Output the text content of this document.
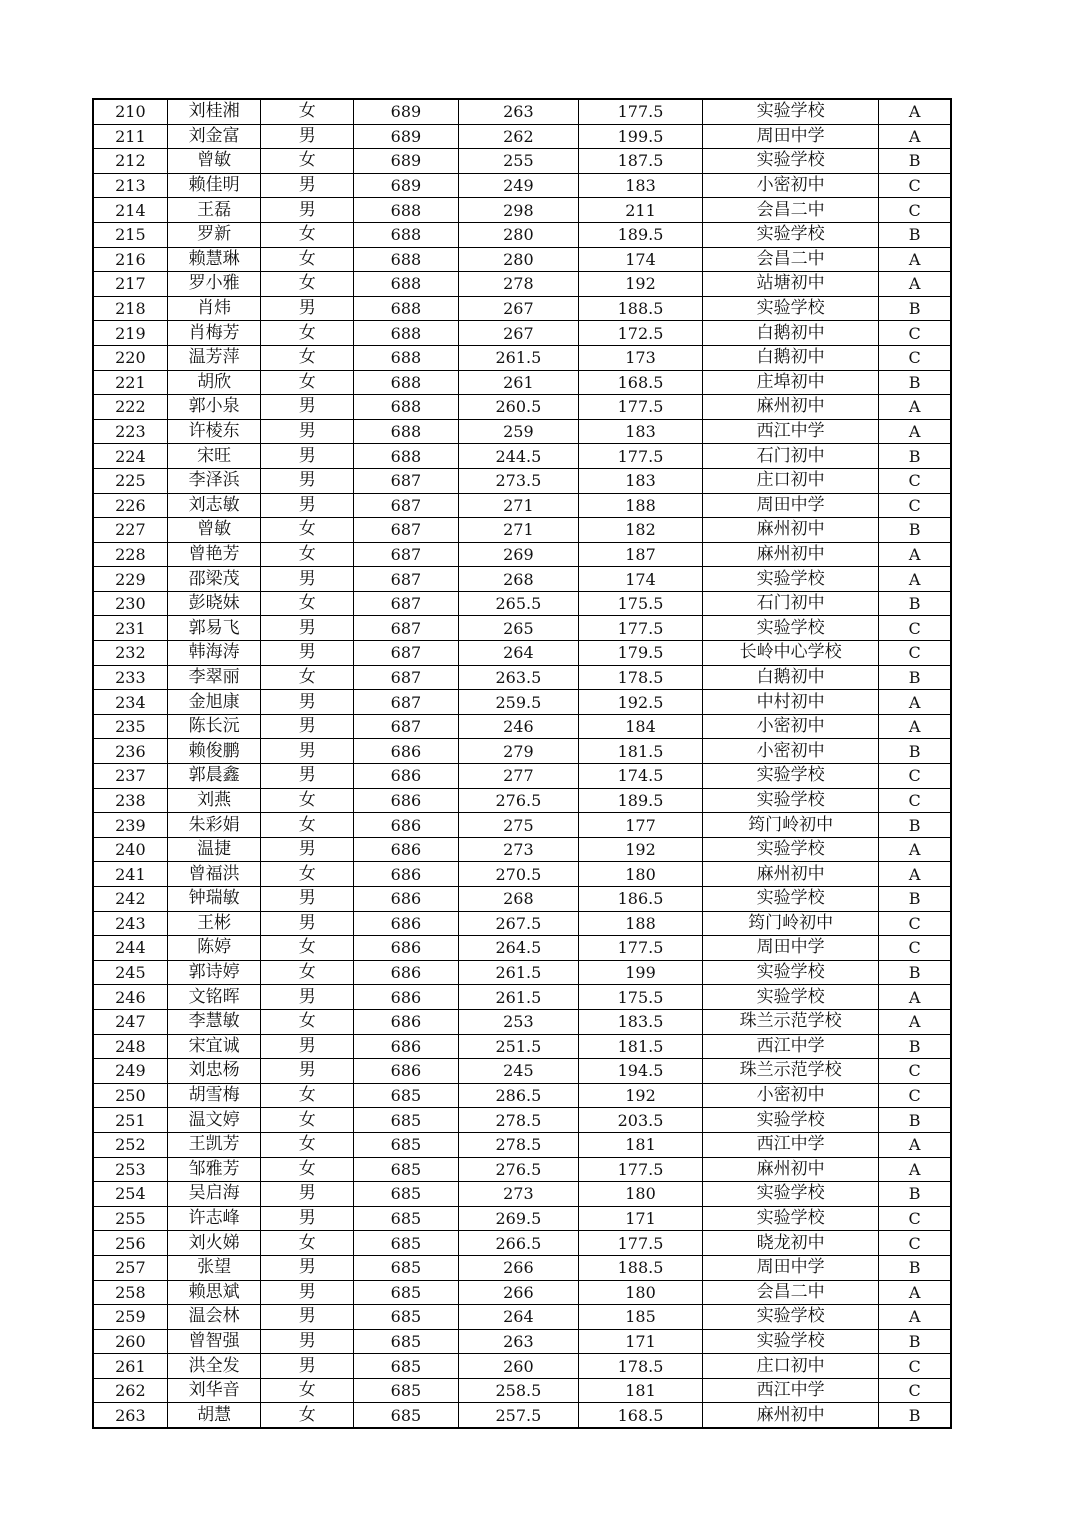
210	刘桂湘	女	689	263	177.5	实验学校	A
211	刘金富	男	689	262	199.5	周田中学	A
212	曾敏	女	689	255	187.5	实验学校	B
213	赖佳明	男	689	249	183	小密初中	C
214	王磊	男	688	298	211	会昌二中	C
215	罗新	女	688	280	189.5	实验学校	B
216	赖慧琳	女	688	280	174	会昌二中	A
217	罗小雅	女	688	278	192	站塘初中	A
218	肖炜	男	688	267	188.5	实验学校	B
219	肖梅芳	女	688	267	172.5	白鹅初中	C
220	温芳萍	女	688	261.5	173	白鹅初中	C
221	胡欣	女	688	261	168.5	庄埠初中	B
222	郭小泉	男	688	260.5	177.5	麻州初中	A
223	许棱东	男	688	259	183	西江中学	A
224	宋旺	男	688	244.5	177.5	石门初中	B
225	李泽浜	男	687	273.5	183	庄口初中	C
226	刘志敏	男	687	271	188	周田中学	C
227	曾敏	女	687	271	182	麻州初中	B
228	曾艳芳	女	687	269	187	麻州初中	A
229	邵梁茂	男	687	268	174	实验学校	A
230	彭晓妹	女	687	265.5	175.5	石门初中	B
231	郭易飞	男	687	265	177.5	实验学校	C
232	韩海涛	男	687	264	179.5	长岭中心学校	C
233	李翠丽	女	687	263.5	178.5	白鹅初中	B
234	金旭康	男	687	259.5	192.5	中村初中	A
235	陈长沅	男	687	246	184	小密初中	A
236	赖俊鹏	男	686	279	181.5	小密初中	B
237	郭晨鑫	男	686	277	174.5	实验学校	C
238	刘燕	女	686	276.5	189.5	实验学校	C
239	朱彩娟	女	686	275	177	筠门岭初中	B
240	温捷	男	686	273	192	实验学校	A
241	曾福洪	女	686	270.5	180	麻州初中	A
242	钟瑞敏	男	686	268	186.5	实验学校	B
243	王彬	男	686	267.5	188	筠门岭初中	C
244	陈婷	女	686	264.5	177.5	周田中学	C
245	郭诗婷	女	686	261.5	199	实验学校	B
246	文铭晖	男	686	261.5	175.5	实验学校	A
247	李慧敏	女	686	253	183.5	珠兰示范学校	A
248	宋宜诚	男	686	251.5	181.5	西江中学	B
249	刘忠杨	男	686	245	194.5	珠兰示范学校	C
250	胡雪梅	女	685	286.5	192	小密初中	C
251	温文婷	女	685	278.5	203.5	实验学校	B
252	王凯芳	女	685	278.5	181	西江中学	A
253	邹雅芳	女	685	276.5	177.5	麻州初中	A
254	吴启海	男	685	273	180	实验学校	B
255	许志峰	男	685	269.5	171	实验学校	C
256	刘火娣	女	685	266.5	177.5	晓龙初中	C
257	张望	男	685	266	188.5	周田中学	B
258	赖思斌	男	685	266	180	会昌二中	A
259	温会林	男	685	264	185	实验学校	A
260	曾智强	男	685	263	171	实验学校	B
261	洪全发	男	685	260	178.5	庄口初中	C
262	刘华音	女	685	258.5	181	西江中学	C
263	胡慧	女	685	257.5	168.5	麻州初中	B
